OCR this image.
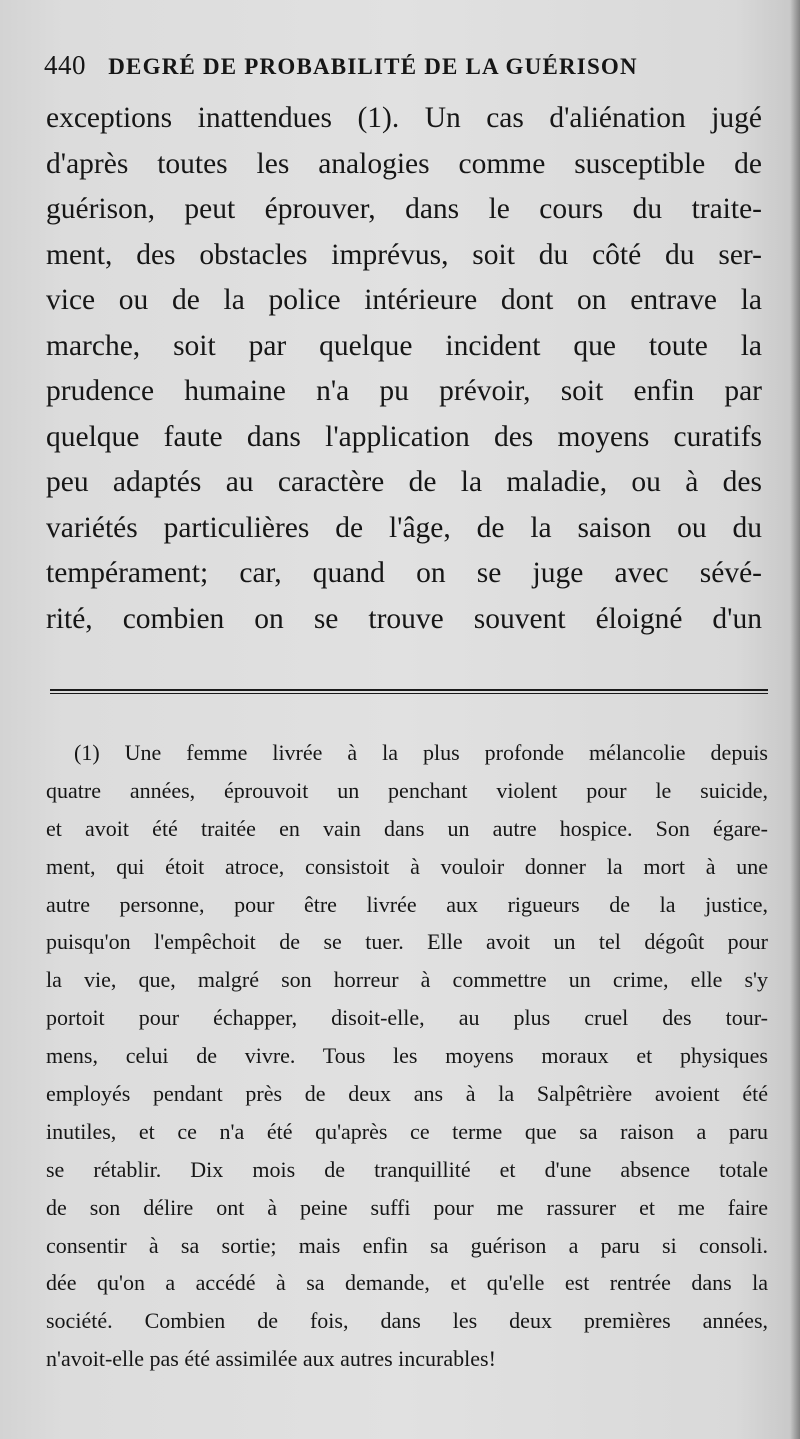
440 DEGRÉ DE PROBABILITÉ DE LA GUÉRISON
exceptions inattendues (1). Un cas d'aliénation jugé
d'après toutes les analogies comme susceptible de
guérison, peut éprouver, dans le cours du traite-
ment, des obstacles imprévus, soit du côté du ser-
vice ou de la police intérieure dont on entrave la
marche, soit par quelque incident que toute la
prudence humaine n'a pu prévoir, soit enfin par
quelque faute dans l'application des moyens curatifs
peu adaptés au caractère de la maladie, ou à des
variétés particulières de l'âge, de la saison ou du
tempérament; car, quand on se juge avec sévé-
rité, combien on se trouve souvent éloigné d'un
(1) Une femme livrée à la plus profonde mélancolie depuis
quatre années, éprouvoit un penchant violent pour le suicide,
et avoit été traitée en vain dans un autre hospice. Son égare-
ment, qui étoit atroce, consistoit à vouloir donner la mort à une
autre personne, pour être livrée aux rigueurs de la justice,
puisqu'on l'empêchoit de se tuer. Elle avoit un tel dégoût pour
la vie, que, malgré son horreur à commettre un crime, elle s'y
portoit pour échapper, disoit-elle, au plus cruel des tour-
mens, celui de vivre. Tous les moyens moraux et physiques
employés pendant près de deux ans à la Salpêtrière avoient été
inutiles, et ce n'a été qu'après ce terme que sa raison a paru
se rétablir. Dix mois de tranquillité et d'une absence totale
de son délire ont à peine suffi pour me rassurer et me faire
consentir à sa sortie; mais enfin sa guérison a paru si consoli.
dée qu'on a accédé à sa demande, et qu'elle est rentrée dans la
société. Combien de fois, dans les deux premières années,
n'avoit-elle pas été assimilée aux autres incurables!
